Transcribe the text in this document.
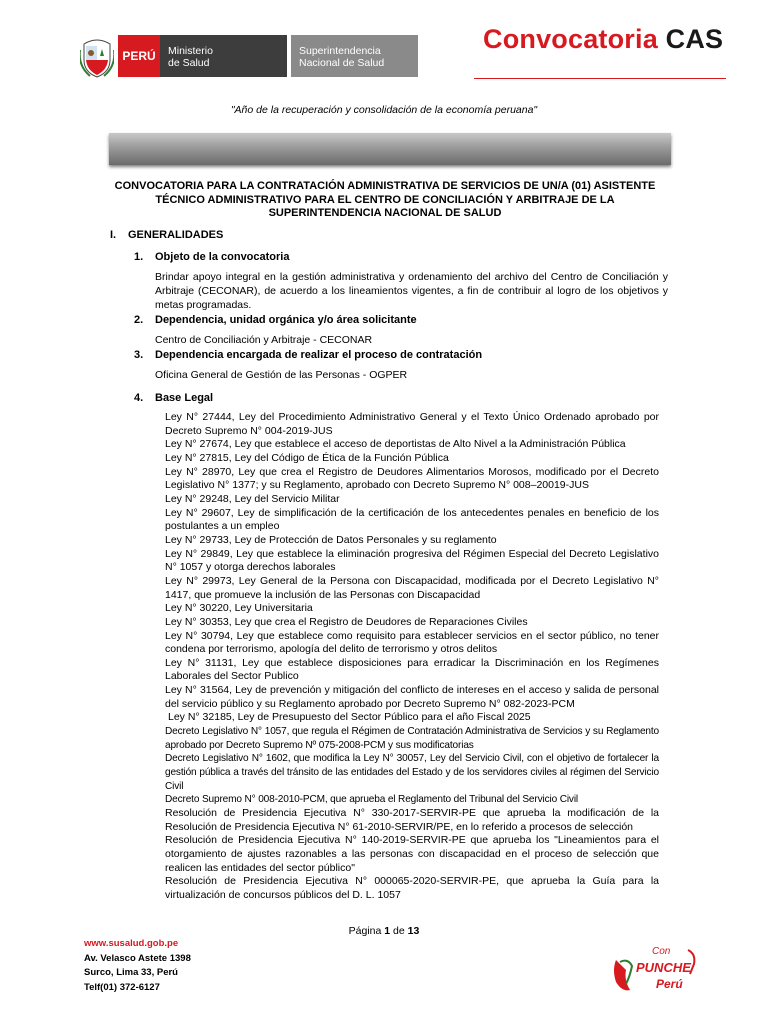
PERÚ	Ministerio
de Salud
Superintendencia
Nacional de Salud
Convocatoria CAS
"Año de la recuperación y consolidación de la economía peruana"
CONVOCATORIA PARA LA CONTRATACIÓN ADMINISTRATIVA DE SERVICIOS DE UN/A (01) ASISTENTE TÉCNICO ADMINISTRATIVO PARA EL CENTRO DE CONCILIACIÓN Y ARBITRAJE DE LA SUPERINTENDENCIA NACIONAL DE SALUD
I. GENERALIDADES
1. Objeto de la convocatoria
Brindar apoyo integral en la gestión administrativa y ordenamiento del archivo del Centro de Conciliación y Arbitraje (CECONAR), de acuerdo a los lineamientos vigentes, a fin de contribuir al logro de los objetivos y metas programadas.
2. Dependencia, unidad orgánica y/o área solicitante
Centro de Conciliación y Arbitraje - CECONAR
3. Dependencia encargada de realizar el proceso de contratación
Oficina General de Gestión de las Personas - OGPER
4. Base Legal
Ley N° 27444, Ley del Procedimiento Administrativo General y el Texto Único Ordenado aprobado por Decreto Supremo N° 004-2019-JUS
Ley N° 27674, Ley que establece el acceso de deportistas de Alto Nivel a la Administración Pública
Ley N° 27815, Ley del Código de Ética de la Función Pública
Ley N° 28970, Ley que crea el Registro de Deudores Alimentarios Morosos, modificado por el Decreto Legislativo N° 1377; y su Reglamento, aprobado con Decreto Supremo N° 008–20019-JUS
Ley N° 29248, Ley del Servicio Militar
Ley N° 29607, Ley de simplificación de la certificación de los antecedentes penales en beneficio de los postulantes a un empleo
Ley N° 29733, Ley de Protección de Datos Personales y su reglamento
Ley N° 29849, Ley que establece la eliminación progresiva del Régimen Especial del Decreto Legislativo N° 1057 y otorga derechos laborales
Ley N° 29973, Ley General de la Persona con Discapacidad, modificada por el Decreto Legislativo N° 1417, que promueve la inclusión de las Personas con Discapacidad
Ley N° 30220, Ley Universitaria
Ley N° 30353, Ley que crea el Registro de Deudores de Reparaciones Civiles
Ley N° 30794, Ley que establece como requisito para establecer servicios en el sector público, no tener condena por terrorismo, apología del delito de terrorismo y otros delitos
Ley N° 31131, Ley que establece disposiciones para erradicar la Discriminación en los Regímenes Laborales del Sector Publico
Ley N° 31564, Ley de prevención y mitigación del conflicto de intereses en el acceso y salida de personal del servicio público y su Reglamento aprobado por Decreto Supremo N° 082-2023-PCM
Ley N° 32185, Ley de Presupuesto del Sector Público para el año Fiscal 2025
Decreto Legislativo N° 1057, que regula el Régimen de Contratación Administrativa de Servicios y su Reglamento aprobado por Decreto Supremo Nº 075-2008-PCM y sus modificatorias
Decreto Legislativo N° 1602, que modifica la Ley N° 30057, Ley del Servicio Civil, con el objetivo de fortalecer la gestión pública a través del tránsito de las entidades del Estado y de los servidores civiles al régimen del Servicio Civil
Decreto Supremo N° 008-2010-PCM, que aprueba el Reglamento del Tribunal del Servicio Civil
Resolución de Presidencia Ejecutiva N° 330-2017-SERVIR-PE que aprueba la modificación de la Resolución de Presidencia Ejecutiva N° 61-2010-SERVIR/PE, en lo referido a procesos de selección
Resolución de Presidencia Ejecutiva N° 140-2019-SERVIR-PE que aprueba los "Lineamientos para el otorgamiento de ajustes razonables a las personas con discapacidad en el proceso de selección que realicen las entidades del sector público"
Resolución de Presidencia Ejecutiva N° 000065-2020-SERVIR-PE, que aprueba la Guía para la virtualización de concursos públicos del D. L. 1057
Página 1 de 13
www.susalud.gob.pe
Av. Velasco Astete 1398
Surco, Lima 33, Perú
Telf(01) 372-6127
Con
PUNCHE
Perú
